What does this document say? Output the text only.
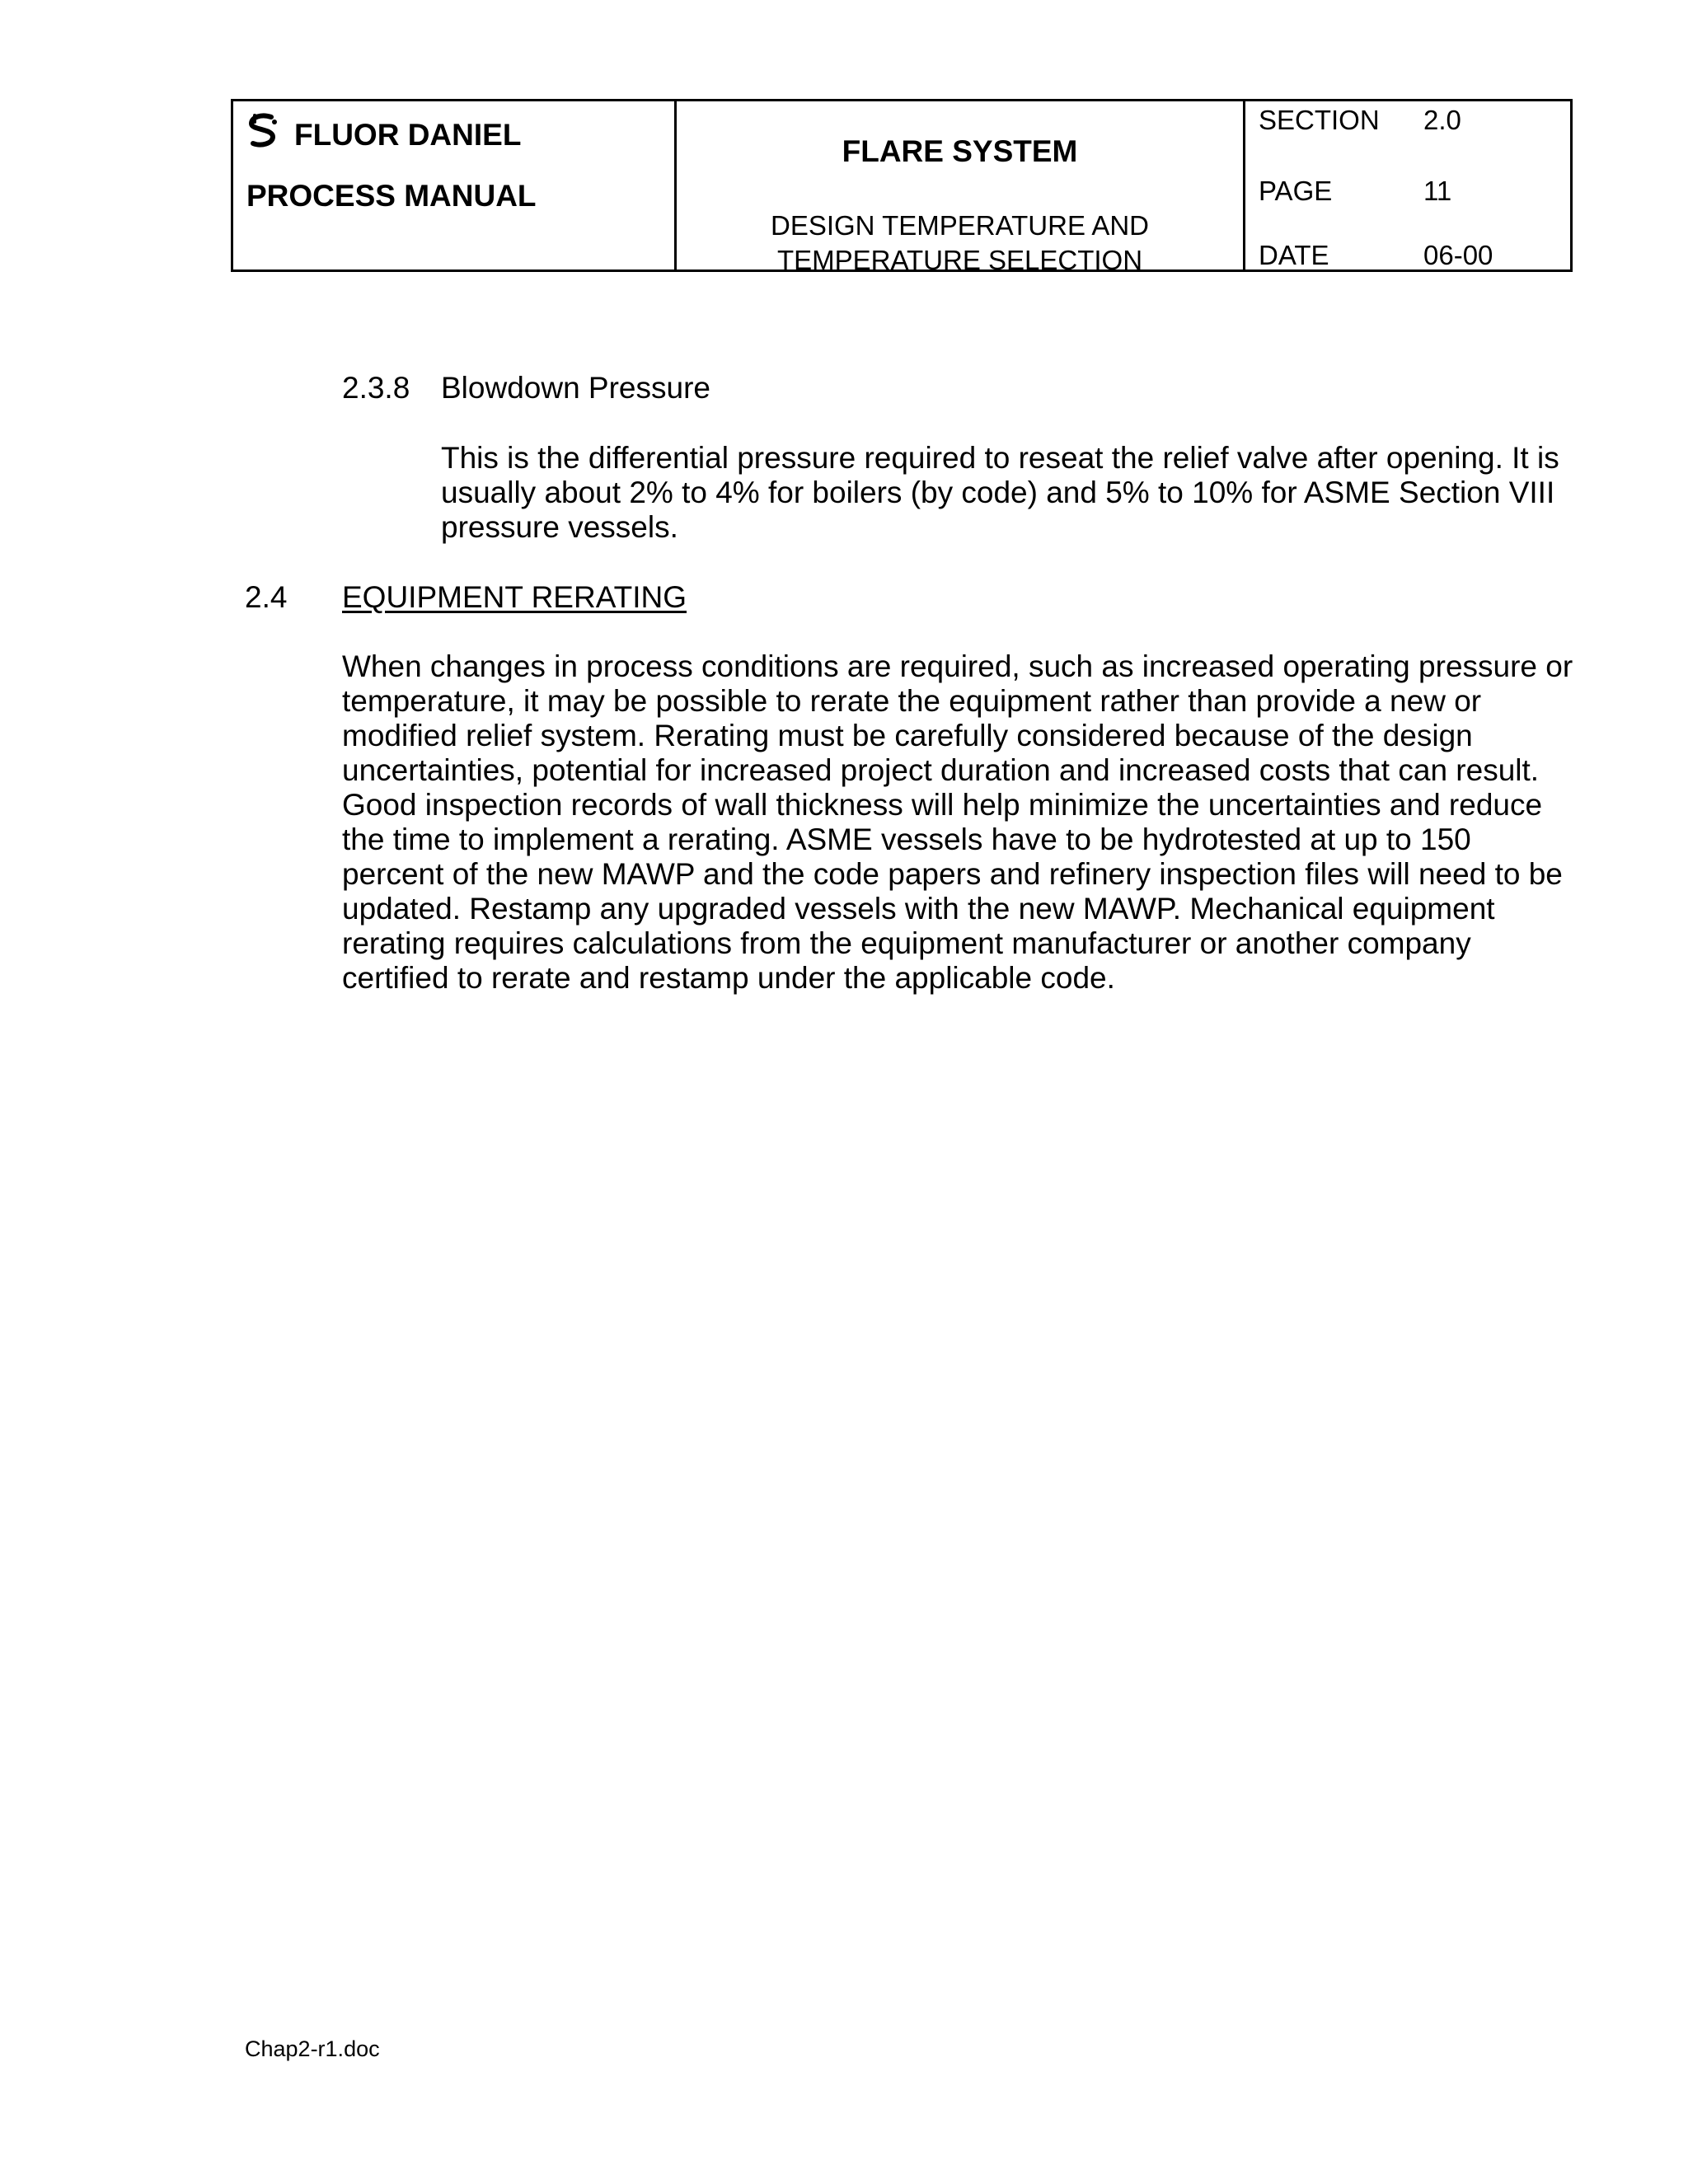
FLUOR DANIEL
PROCESS MANUAL
FLARE SYSTEM
DESIGN TEMPERATURE AND
TEMPERATURE SELECTION
SECTION 2.0
PAGE	11
DATE	06-00
2.3.8 Blowdown Pressure

This is the differential pressure required to reseat the relief valve after opening. It is
usually about 2% to 4% for boilers (by code) and 5% to 10% for ASME Section VIII
pressure vessels.

2.4 EQUIPMENT RERATING

When changes in process conditions are required, such as increased operating pressure or
temperature, it may be possible to rerate the equipment rather than provide a new or
modified relief system. Rerating must be carefully considered because of the design
uncertainties, potential for increased project duration and increased costs that can result.
Good inspection records of wall thickness will help minimize the uncertainties and reduce
the time to implement a rerating. ASME vessels have to be hydrotested at up to 150
percent of the new MAWP and the code papers and refinery inspection files will need to be
updated. Restamp any upgraded vessels with the new MAWP. Mechanical equipment
rerating requires calculations from the equipment manufacturer or another company
certified to rerate and restamp under the applicable code.

Chap2-r1.doc
